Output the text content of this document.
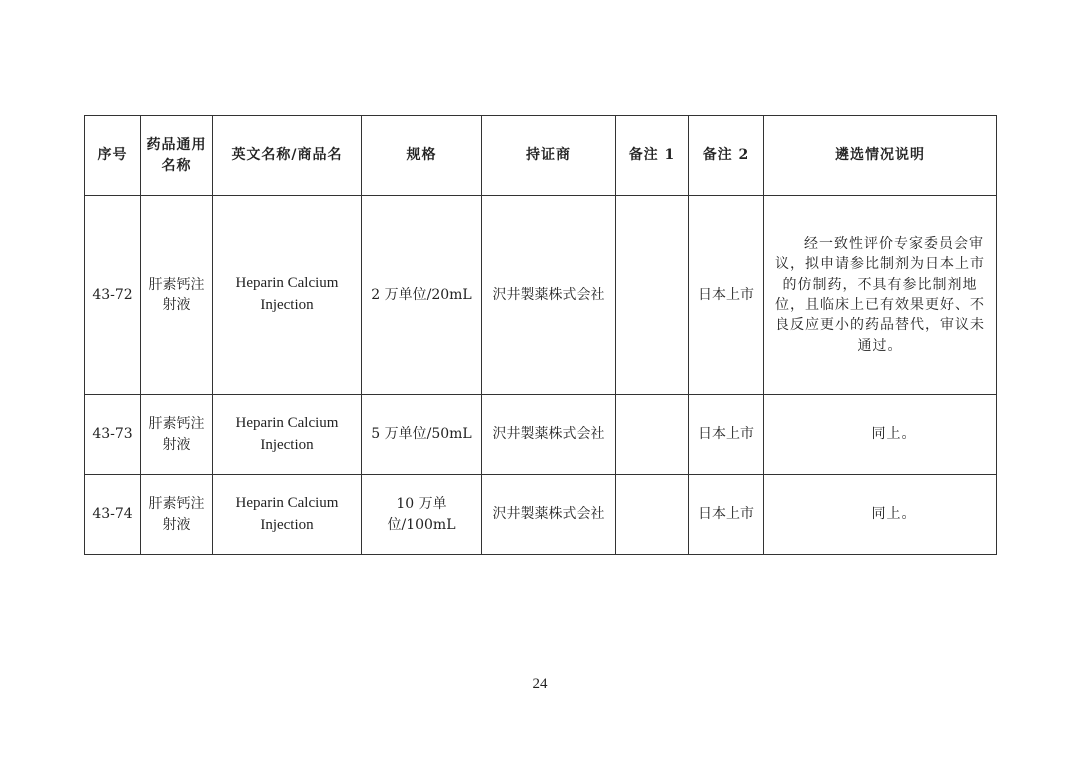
序号	药品通用名称	英文名称/商品名	规格	持证商	备注 1	备注 2	遴选情况说明
43-72	肝素钙注射液	Heparin Calcium Injection	2 万单位/20mL	沢井製薬株式会社		日本上市	经一致性评价专家委员会审议，拟申请参比制剂为日本上市的仿制药，不具有参比制剂地位，且临床上已有效果更好、不良反应更小的药品替代，审议未通过。
43-73	肝素钙注射液	Heparin Calcium Injection	5 万单位/50mL	沢井製薬株式会社		日本上市	同上。
43-74	肝素钙注射液	Heparin Calcium Injection	10 万单位/100mL	沢井製薬株式会社		日本上市	同上。
24
